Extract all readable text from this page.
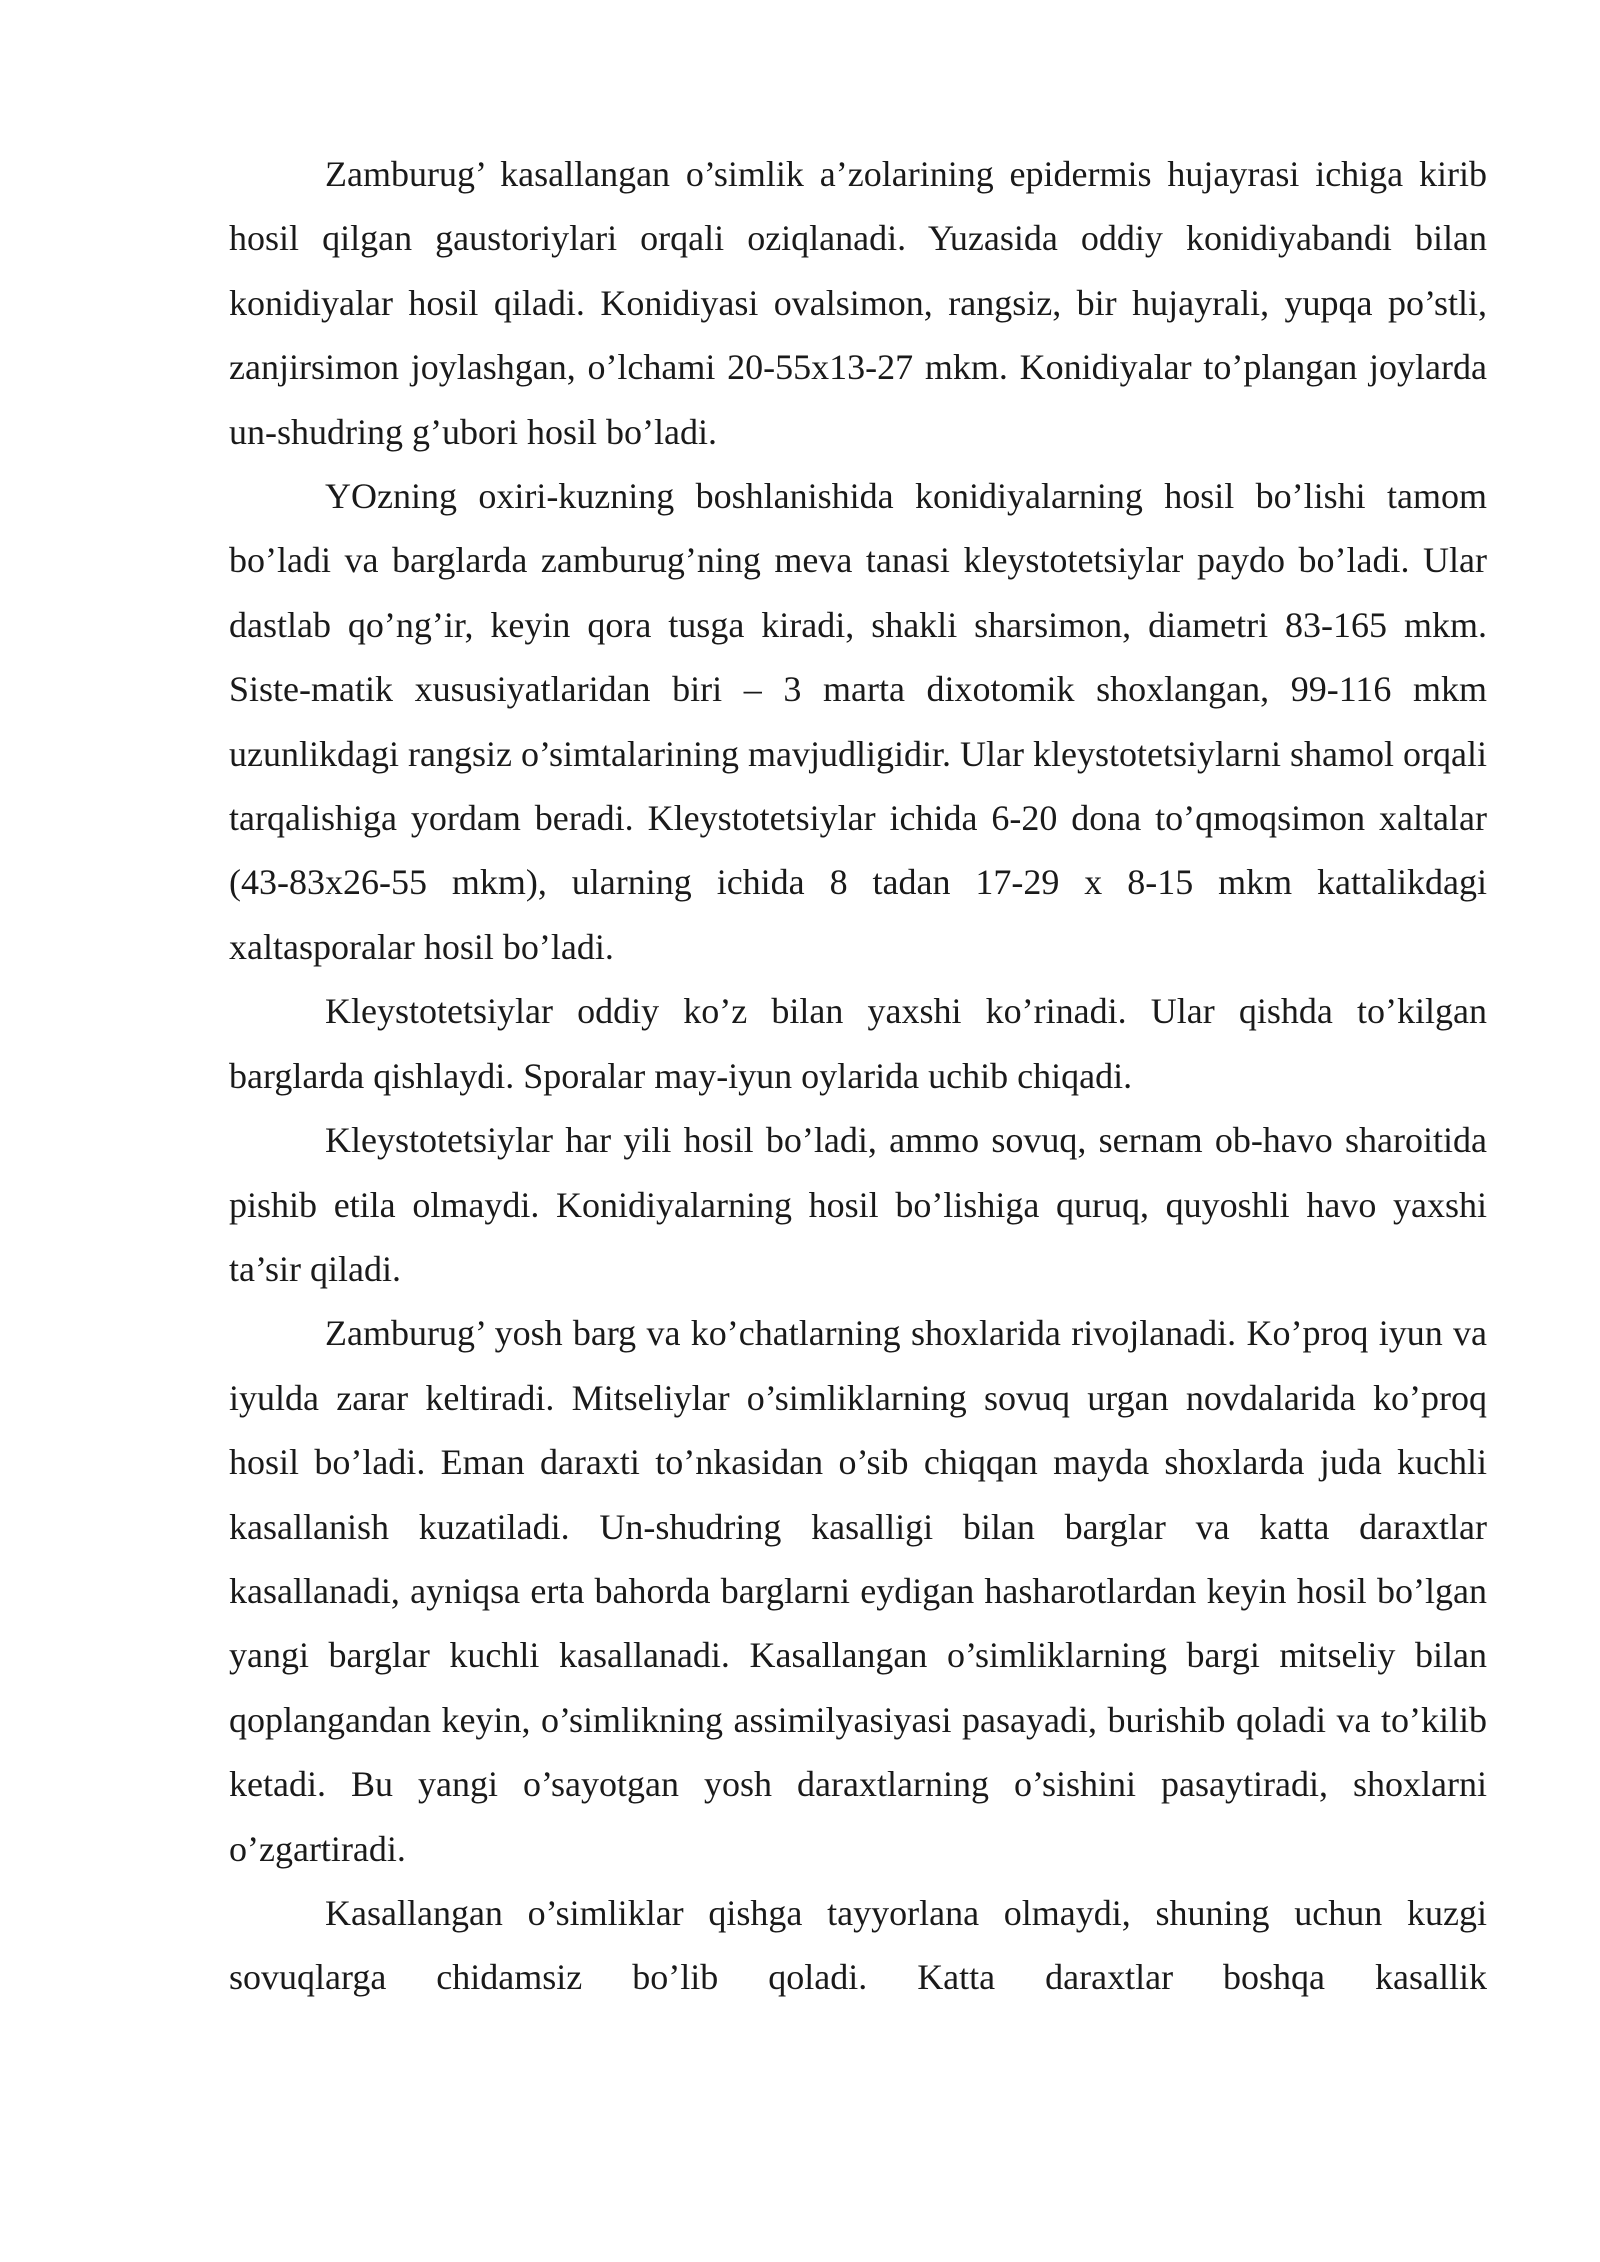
Zamburug’ kasallangan o’simlik a’zolarining epidermis hujayrasi ichiga kirib hosil qilgan gaustoriylari orqali oziqlanadi. Yuzasida oddiy konidiyabandi bilan konidiyalar hosil qiladi. Konidiyasi ovalsimon, rangsiz, bir hujayrali, yupqa po’stli, zanjirsimon joylashgan, o’lchami 20-55x13-27 mkm. Konidiyalar to’plangan joylarda un-shudring g’ubori hosil bo’ladi.

YOzning oxiri-kuzning boshlanishida konidiyalarning hosil bo’lishi tamom bo’ladi va barglarda zamburug’ning meva tanasi kleystotetsiylar paydo bo’ladi. Ular dastlab qo’ng’ir, keyin qora tusga kiradi, shakli sharsimon, diametri 83-165 mkm. Siste-matik xususiyatlaridan biri – 3 marta dixotomik shoxlangan, 99-116 mkm uzunlikdagi rangsiz o’simtalarining mavjudligidir. Ular kleystotetsiylarni shamol orqali tarqalishiga yordam beradi. Kleystotetsiylar ichida 6-20 dona to’qmoqsimon xaltalar (43-83x26-55 mkm), ularning ichida 8 tadan 17-29 x 8-15 mkm kattalikdagi xaltasporalar hosil bo’ladi.

Kleystotetsiylar oddiy ko’z bilan yaxshi ko’rinadi. Ular qishda to’kilgan barglarda qishlaydi. Sporalar may-iyun oylarida uchib chiqadi.

Kleystotetsiylar har yili hosil bo’ladi, ammo sovuq, sernam ob-havo sharoitida pishib etila olmaydi. Konidiyalarning hosil bo’lishiga quruq, quyoshli havo yaxshi ta’sir qiladi.

Zamburug’ yosh barg va ko’chatlarning shoxlarida rivojlanadi. Ko’proq iyun va iyulda zarar keltiradi. Mitseliylar o’simliklarning sovuq urgan novdalarida ko’proq hosil bo’ladi. Eman daraxti to’nkasidan o’sib chiqqan mayda shoxlarda juda kuchli kasallanish kuzatiladi. Un-shudring kasalligi bilan barglar va katta daraxtlar kasallanadi, ayniqsa erta bahorda barglarni eydigan hasharotlardan keyin hosil bo’lgan yangi barglar kuchli kasallanadi. Kasallangan o’simliklarning bargi mitseliy bilan qoplangandan keyin, o’simlikning assimilyasiyasi pasayadi, burishib qoladi va to’kilib ketadi. Bu yangi o’sayotgan yosh daraxtlarning o’sishini pasaytiradi, shoxlarni o’zgartiradi.

Kasallangan o’simliklar qishga tayyorlana olmaydi, shuning uchun kuzgi sovuqlarga chidamsiz bo’lib qoladi. Katta daraxtlar boshqa kasallik
